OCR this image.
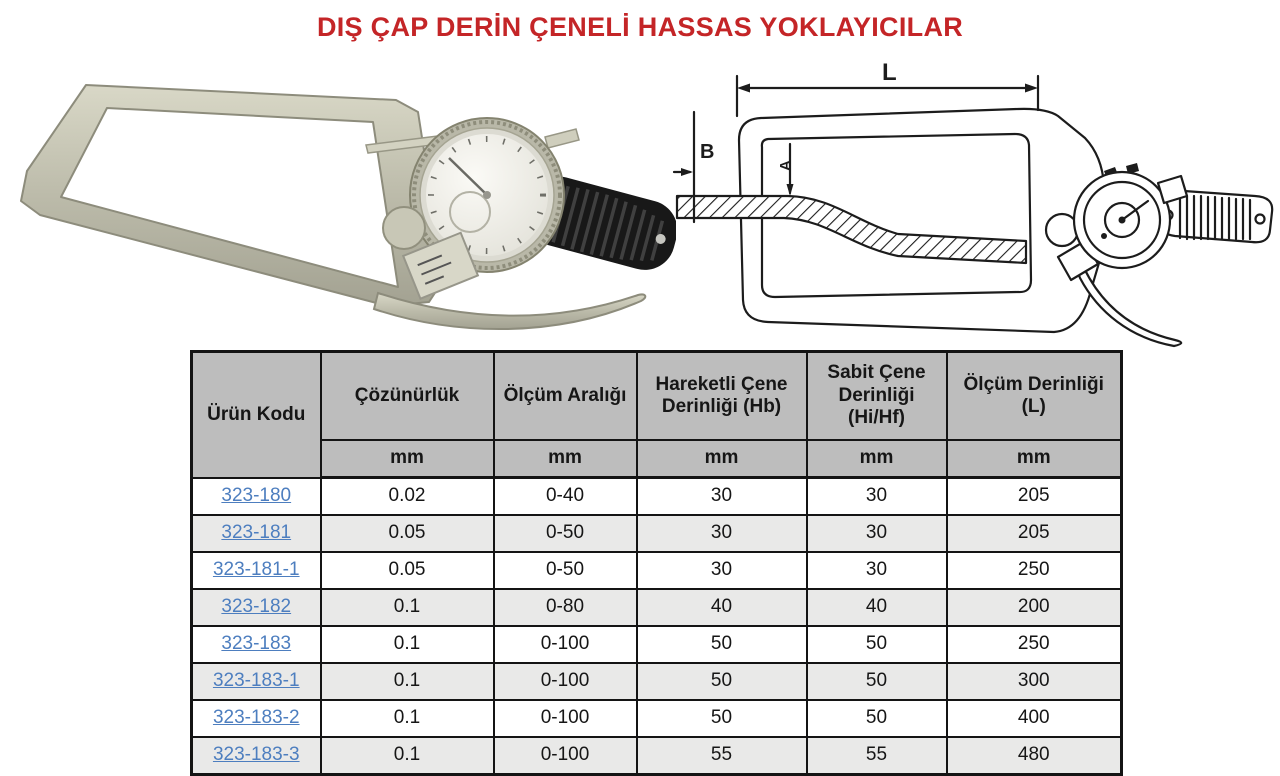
DIŞ ÇAP DERİN ÇENELİ HASSAS YOKLAYICILAR
L
B
A
Ürün Kodu	Çözünürlük	Ölçüm Aralığı	Hareketli Çene Derinliği (Hb)	Sabit Çene Derinliği (Hi/Hf)	Ölçüm Derinliği (L)
	mm	mm	mm	mm	mm
323-180	0.02	0-40	30	30	205
323-181	0.05	0-50	30	30	205
323-181-1	0.05	0-50	30	30	250
323-182	0.1	0-80	40	40	200
323-183	0.1	0-100	50	50	250
323-183-1	0.1	0-100	50	50	300
323-183-2	0.1	0-100	50	50	400
323-183-3	0.1	0-100	55	55	480
